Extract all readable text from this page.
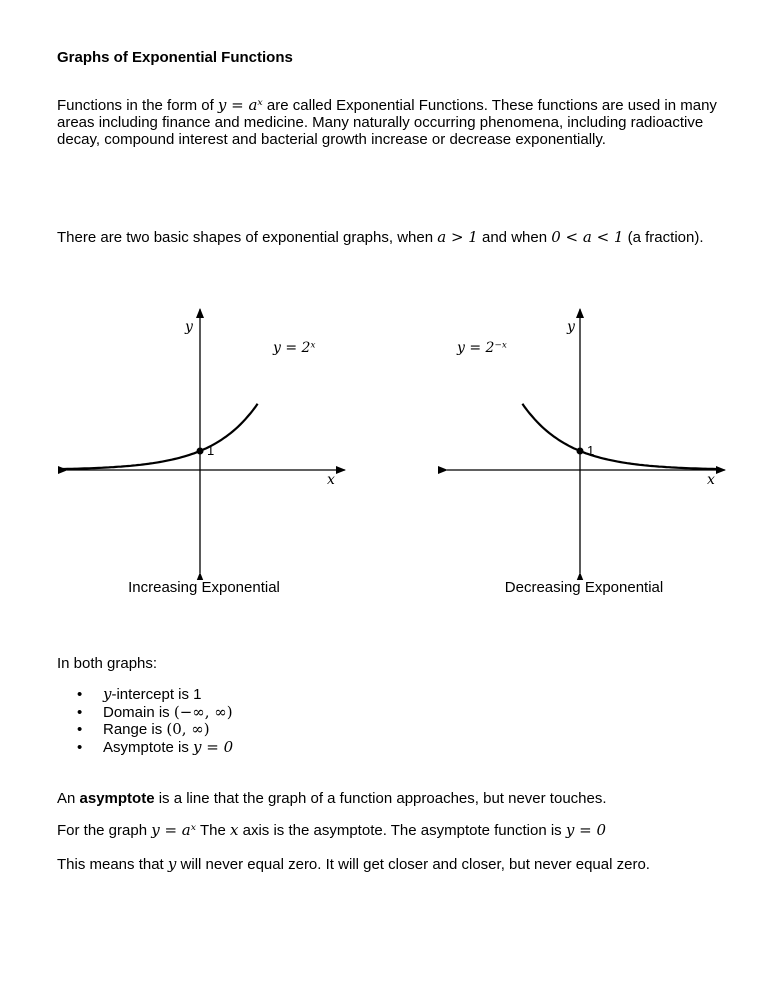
Graphs of Exponential Functions
Functions in the form of y = aˣ are called Exponential Functions. These functions are used in many areas including finance and medicine. Many naturally occurring phenomena, including radioactive decay, compound interest and bacterial growth increase or decrease exponentially.
There are two basic shapes of exponential graphs, when a > 1 and when 0 < a < 1 (a fraction).
1
y
x
y = 2ˣ
1
y
x
y = 2⁻ˣ
Increasing Exponential	Decreasing Exponential
In both graphs:
• y-intercept is 1
• Domain is (−∞, ∞)
• Range is (0, ∞)
• Asymptote is y = 0
An asymptote is a line that the graph of a function approaches, but never touches.
For the graph y = aˣ The x axis is the asymptote. The asymptote function is y = 0
This means that y will never equal zero. It will get closer and closer, but never equal zero.
